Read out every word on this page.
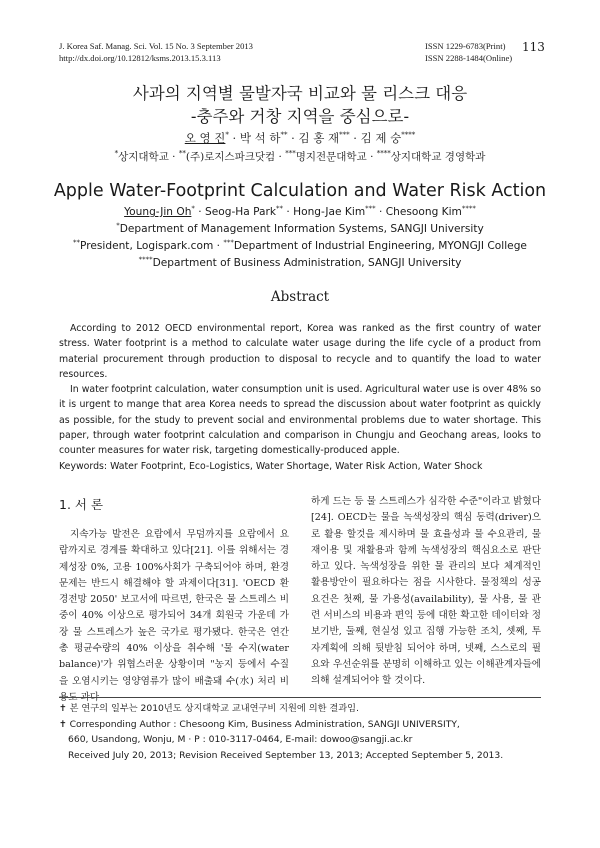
J. Korea Saf. Manag. Sci. Vol. 15 No. 3 September 2013
http://dx.doi.org/10.12812/ksms.2013.15.3.113
ISSN 1229-6783(Print)
ISSN 2288-1484(Online)
113
사과의 지역별 물발자국 비교와 물 리스크 대응
-충주와 거창 지역을 중심으로-
오 영 진* · 박 석 하** · 김 홍 재*** · 김 제 숭****
*상지대학교 · **(주)로지스파크닷컴 · ***명지전문대학교 · ****상지대학교 경영학과
Apple Water-Footprint Calculation and Water Risk Action
Young-Jin Oh* · Seog-Ha Park** · Hong-Jae Kim*** · Chesoong Kim****
*Department of Management Information Systems, SANGJI University
**President, Logispark.com · ***Department of Industrial Engineering, MYONGJI College
****Department of Business Administration, SANGJI University
Abstract

According to 2012 OECD environmental report, Korea was ranked as the first country of water stress. Water footprint is a method to calculate water usage during the life cycle of a product from material procurement through production to disposal to recycle and to quantify the load to water resources.

In water footprint calculation, water consumption unit is used. Agricultural water use is over 48% so it is urgent to mange that area Korea needs to spread the discussion about water footprint as quickly as possible, for the study to prevent social and environmental problems due to water shortage. This paper, through water footprint calculation and comparison in Chungju and Geochang areas, looks to counter measures for water risk, targeting domestically-produced apple.

Keywords: Water Footprint, Eco-Logistics, Water Shortage, Water Risk Action, Water Shock

1. 서 론

지속가능 발전은 요람에서 무덤까지를 요람에서 요람까지로 경계를 확대하고 있다[21]. 이를 위해서는 경제성장 0%, 고용 100%사회가 구축되어야 하며, 환경문제는 반드시 해결해야 할 과제이다[31]. 'OECD 환경전망 2050' 보고서에 따르면, 한국은 물 스트레스 비중이 40% 이상으로 평가되어 34개 회원국 가운데 가장 물 스트레스가 높은 국가로 평가됐다. 한국은 연간 총 평균수량의 40% 이상을 취수해 '물 수지(water balance)'가 위협스러운 상황이며 "농지 등에서 수질을 오염시키는 영양염류가 많이 배출돼 수(水) 처리 비

하게 드는 등 물 스트레스가 심각한 수준"이라고 밝혔다[24]. OECD는 물을 녹색성장의 핵심 동력(driver)으로 활용 할것을 제시하며 물 효율성과 물 수요관리, 물 재이용 및 재활용과 함께 녹색성장의 핵심요소로 판단하고 있다. 녹색성장을 위한 물 관리의 보다 체계적인 활용방안이 필요하다는 점을 시사한다. 물정책의 성공요건은 첫째, 물 가용성(availability), 물 사용, 물 관련 서비스의 비용과 편익 등에 대한 확고한 데이터와 정보기반, 둘째, 현실성 있고 집행 가능한 조치, 셋째, 투자계획에 의해 뒷받침 되어야 하며, 넷째, 스스로의 필요와 우선순위를 분명히 이해하고 있는 이해관계자들에 의해 설계되어야 할 것이다.

✝ 본 연구의 일부는 2010년도 상지대학교 교내연구비 지원에 의한 결과임.
✝ Corresponding Author : Chesoong Kim, Business Administration, SANGJI UNIVERSITY,
660, Usandong, Wonju, M · P : 010-3117-0464, E-mail: dowoo@sangji.ac.kr
Received July 20, 2013; Revision Received September 13, 2013; Accepted September 5, 2013.
